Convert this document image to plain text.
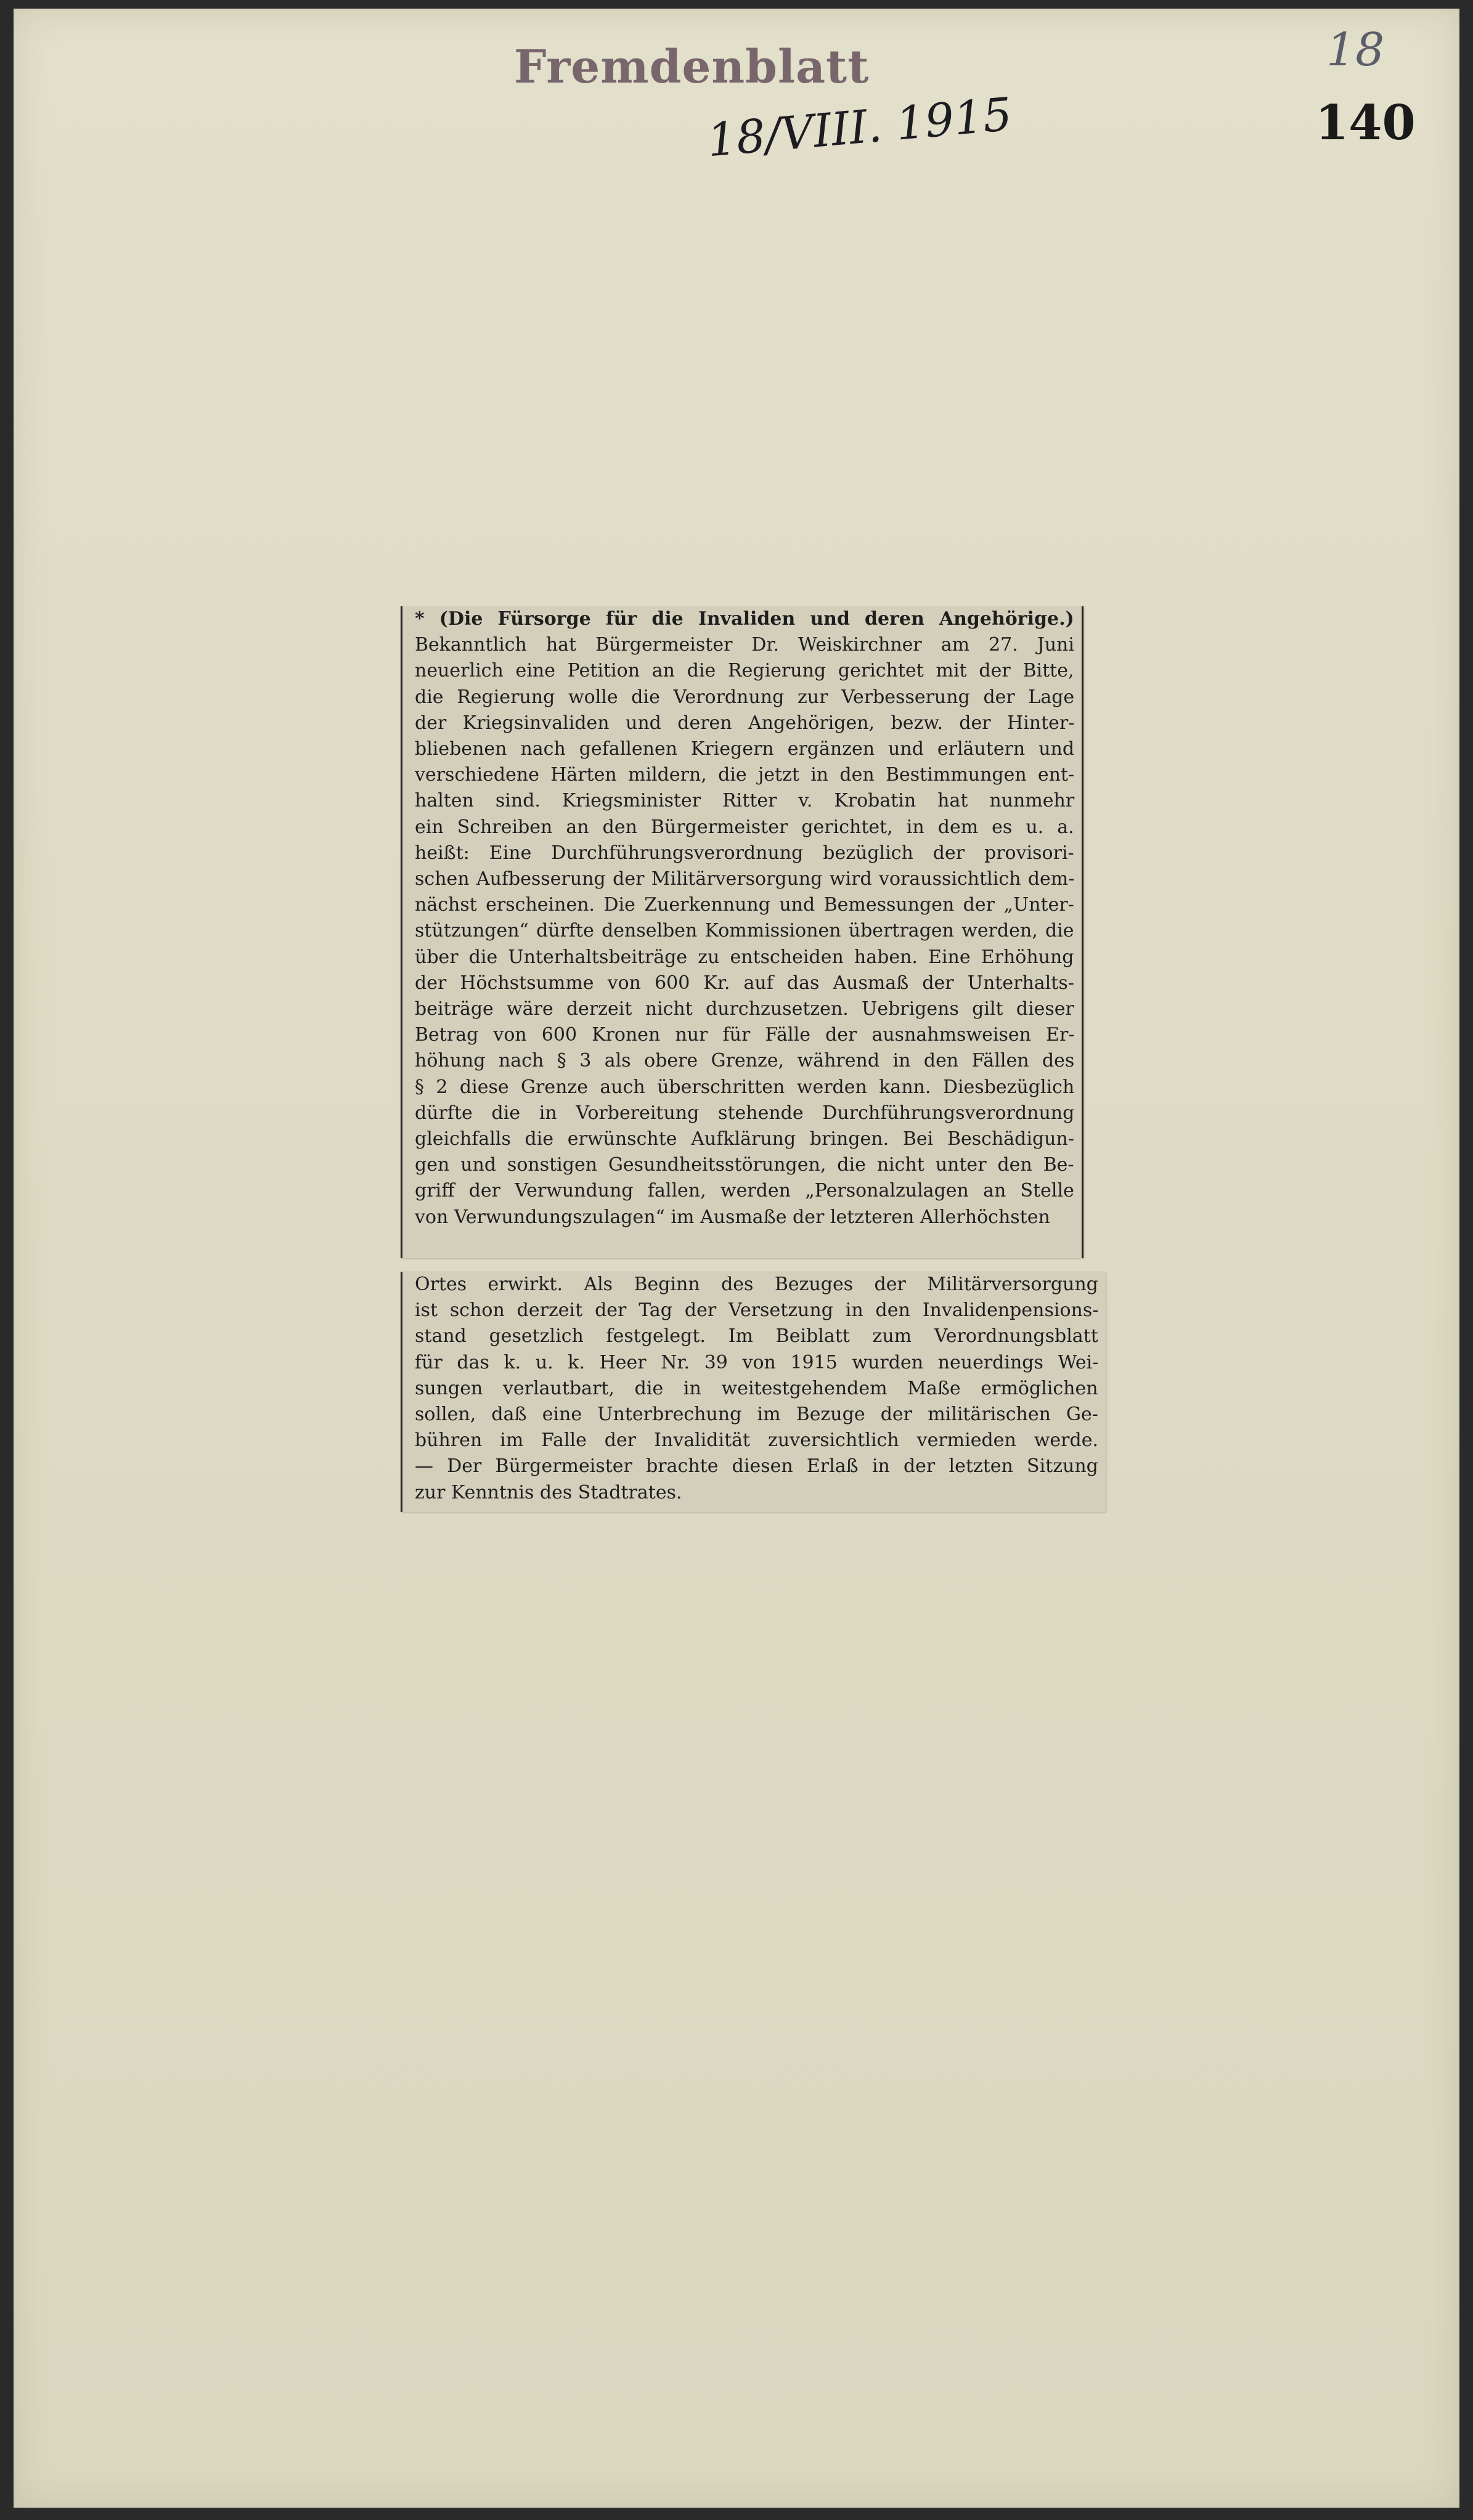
Fremdenblatt	18
18/VIII. 1915	140
* (Die Fürsorge für die Invaliden und deren Angehörige.)
Bekanntlich hat Bürgermeister Dr. Weiskirchner am 27. Juni
neuerlich eine Petition an die Regierung gerichtet mit der Bitte,
die Regierung wolle die Verordnung zur Verbesserung der Lage
der Kriegsinvaliden und deren Angehörigen, bezw. der Hinter-
bliebenen nach gefallenen Kriegern ergänzen und erläutern und
verschiedene Härten mildern, die jetzt in den Bestimmungen ent-
halten sind. Kriegsminister Ritter v. Krobatin hat nunmehr
ein Schreiben an den Bürgermeister gerichtet, in dem es u. a.
heißt: Eine Durchführungsverordnung bezüglich der provisori-
schen Aufbesserung der Militärversorgung wird voraussichtlich dem-
nächst erscheinen. Die Zuerkennung und Bemessungen der „Unter-
stützungen“ dürfte denselben Kommissionen übertragen werden, die
über die Unterhaltsbeiträge zu entscheiden haben. Eine Erhöhung
der Höchstsumme von 600 Kr. auf das Ausmaß der Unterhalts-
beiträge wäre derzeit nicht durchzusetzen. Uebrigens gilt dieser
Betrag von 600 Kronen nur für Fälle der ausnahmsweisen Er-
höhung nach § 3 als obere Grenze, während in den Fällen des
§ 2 diese Grenze auch überschritten werden kann. Diesbezüglich
dürfte die in Vorbereitung stehende Durchführungsverordnung
gleichfalls die erwünschte Aufklärung bringen. Bei Beschädigun-
gen und sonstigen Gesundheitsstörungen, die nicht unter den Be-
griff der Verwundung fallen, werden „Personalzulagen an Stelle
von Verwundungszulagen“ im Ausmaße der letzteren Allerhöchsten
Ortes erwirkt. Als Beginn des Bezuges der Militärversorgung
ist schon derzeit der Tag der Versetzung in den Invalidenpensions-
stand gesetzlich festgelegt. Im Beiblatt zum Verordnungsblatt
für das k. u. k. Heer Nr. 39 von 1915 wurden neuerdings Wei-
sungen verlautbart, die in weitestgehendem Maße ermöglichen
sollen, daß eine Unterbrechung im Bezuge der militärischen Ge-
bühren im Falle der Invalidität zuversichtlich vermieden werde.
— Der Bürgermeister brachte diesen Erlaß in der letzten Sitzung
zur Kenntnis des Stadtrates.
